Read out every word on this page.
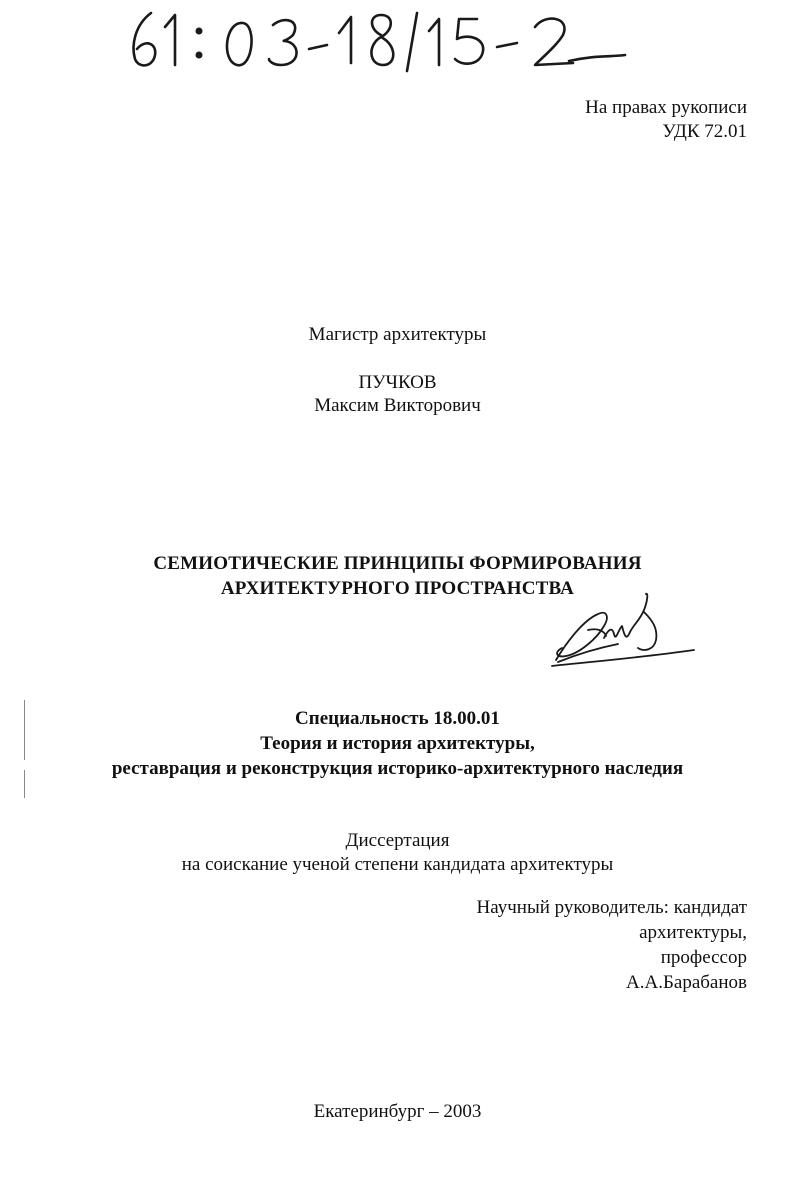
На правах рукописи
УДК 72.01
Магистр архитектуры
ПУЧКОВ
Максим Викторович
СЕМИОТИЧЕСКИЕ ПРИНЦИПЫ ФОРМИРОВАНИЯ
АРХИТЕКТУРНОГО ПРОСТРАНСТВА
Специальность 18.00.01
Теория и история архитектуры,
реставрация и реконструкция историко-архитектурного наследия
Диссертация
на соискание ученой степени кандидата архитектуры
Научный руководитель: кандидат
архитектуры,
профессор
А.А.Барабанов
Екатеринбург – 2003
